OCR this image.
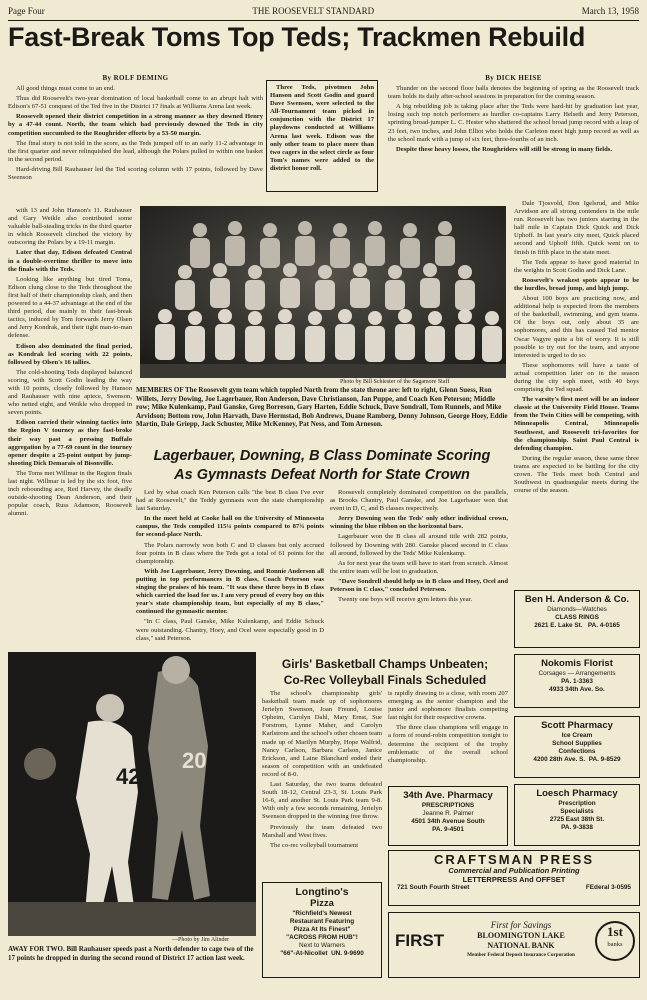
Page Four	THE ROOSEVELT STANDARD	March 13, 1958
Fast-Break Toms Top Teds; Trackmen Rebuild
By ROLF DEMING

All good things must come to an end.

Thus did Roosevelt's two-year domination of local basketball come to an abrupt halt with Edison's 67-51 conquest of the Ted five in the District 17 finals at Williams Arena last week.

Roosevelt opened their district competition in a strong manner as they downed Henry by a 47-44 count. North, the team which had previously downed the Teds in city competition succumbed to the Roughrider efforts by a 53-50 margin.

The final story is not told in the score, as the Teds jumped off to an early 11-2 advantage in the first quarter and never relinquished the lead, although the Polars pulled to within one basket in the second period.

Hard-driving Bill Rauhauser led the Ted scoring column with 17 points, followed by Dave Swenson

Three Teds, pivotmen John Hanson and Scott Godin and guard Dave Swenson, were selected to the All-Tournament team picked in conjunction with the District 17 playdowns conducted at Williams Arena last week. Edison was the only other team to place more than two cagers in the select circle as four Tom's names were added to the district honor roll.

By DICK HEISE

Thunder on the second floor halls denotes the beginning of spring as the Roosevelt track team holds its daily after-school sessions in preparation for the coming season.

A big rebuilding job is taking place after the Teds were hard-hit by graduation last year, losing such top notch performers as hurdler co-captains Larry Helseth and Jerry Peterson, sprinting broad-jumper L. C. Hester who shattered the school broad jump record with a leap of 23 feet, two inches, and John Elliot who holds the Carleton meet high jump record as well as the school mark with a jump of six feet, three-fourths of an inch.

Despite these heavy losses, the Roughriders will still be strong in many fields.

with 13 and John Hanson's 11. Rauhauser and Gary Weikle also contributed some valuable ball-stealing tricks in the third quarter in which Roosevelt clinched the victory by outscoring the Polars by a 19-11 margin.

Later that day, Edison defeated Central in a double-overtime thriller to move into the finals with the Teds.

Looking like anything but tired Toms, Edison clung close to the Teds throughout the first half of their championship clash, and then powered to a 44-37 advantage at the end of the third period, due mainly to their fast-break tactics, induced by Tom forwards Jerry Olsen and Jerry Kondrak, and their tight man-to-man defense.

Edison also dominated the final period, as Kondrak led scoring with 22 points, followed by Olsen's 16 tallies.

The cold-shooting Teds displayed balanced scoring, with Scott Godin leading the way with 10 points, closely followed by Hanson and Rauhauser with nine apiece, Swenson, who netted eight, and Weikle who dropped in seven points.

Edison carried their winning tactics into the Region V tourney as they fast-broke their way past a pressing Buffalo aggregation by a 77-69 count in the tourney opener despite a 25-point output by jump-shooting Dick Demarais of Bisonville.

The Toms met Willmar in the Region finals last night. Willmar is led by the six foot, five inch rebounding ace, Red Harvey, the deadly outside-shooting Dean Anderson, and their popular coach, Russ Adamson, Roosevelt alumni.

Photo by Bill Schiester of the Sagamore Staff

Dale Tjosvold, Don Igelsrud, and Mike Arvidson are all strong contenders in the mile run. Roosevelt has two juniors starring in the half mile in Captain Dick Quick and Dick Uphoff. In last year's city meet, Quick placed second and Uphoff fifth. Quick went on to finish in fifth place in the state meet.

The Teds appear to have good material in the weights in Scott Godin and Dick Lane.

Roosevelt's weakest spots appear to be the hurdles, broad jump, and high jump.

About 100 boys are practicing now, and additional help is expected from the members of the basketball, swimming, and gym teams. Of the boys out, only about 35 are sophomores, and this has caused Ted mentor Oscar Vagyre quite a bit of worry. It is still possible to try out for the team, and anyone interested is urged to do so.

These sophomores will have a taste of actual competition later on in the season during the city soph meet, with 40 boys comprising the Ted squad.

The varsity's first meet will be an indoor classic at the University Field House. Teams from the Twin Cities will be competing, with Minneapolis Central, Minneapolis Southwest, and Roosevelt tri-favorites for the championship. Saint Paul Central is defending champion.

During the regular season, these same three teams are expected to be battling for the city crown. The Teds meet both Central and Southwest in quadrangular meets during the course of the season.

MEMBERS OF The Roosevelt gym team which toppled North from the state throne are: left to right, Glenn Suess, Ron Willets, Jerry Dowing, Joe Lagerbauer, Ron Anderson, Dave Christianson, Jan Puppe, and Coach Ken Peterson; Middle row; Mike Kulenkamp, Paul Ganske, Greg Borreson, Gary Harten, Eddie Schuck, Dave Sondrall, Tom Runnels, and Mike Arvidson; Bottom row, John Harvath, Dave Hermstad, Bob Andrews, Duane Ramberg, Denny Johnson, George Hoey, Eddie Martin, Dale Griepp, Jack Schuster, Mike McKenney, Pat Ness, and Tom Arneson.
Lagerbauer, Downing, B Class Dominate Scoring
As Gymnasts Defeat North for State Crown

Led by what coach Ken Peterson calls "the best B class I've ever had at Roosevelt," the Teddy gymnasts won the state championship last Saturday.

In the meet held at Cooke hall on the University of Minnesota campus, the Teds compiled 115¼ points compared to 87¾ points for second-place North.

The Polars narrowly won both C and D classes but only accrued four points in B class where the Teds got a total of 61 points for the championship.

With Joe Lagerbauer, Jerry Downing, and Ronnie Anderson all putting in top performances in B class, Coach Peterson was singing the praises of his team. "It was these three boys in B class which carried the load for us. I am very proud of every boy on this year's state championship team, but especially of my B class," continued the gymnastic mentor.

"In C class, Paul Ganske, Mike Kulenkamp, and Eddie Schuck were outstanding. Chantry, Hoey, and Ocel were especially good in D class," said Peterson.

Roosevelt completely dominated competition on the parallels, as Brooks Chantry, Paul Ganske, and Joe Lagerbauer won that event in D, C, and B classes respectively.

Jerry Downing won the Teds' only other individual crown, winning the blue ribbon on the horizontal bars.

Lagerbauer won the B class all around title with 282 points, followed by Downing with 280. Ganske placed second in C class all around, followed by the Teds' Mike Kulenkamp.

As for next year the team will have to start from scratch. Almost the entire team will be lost to graduation.

"Dave Sondrell should help us in B class and Hoey, Ocel and Peterson in C class," concluded Peterson.

Twenty one boys will receive gym letters this year.

42
20
—Photo by Jim Alinder
AWAY FOR TWO. Bill Rauhauser speeds past a North defender to cage two of the 17 points he dropped in during the second round of District 17 action last week.
Girls' Basketball Champs Unbeaten;
Co-Rec Volleyball Finals Scheduled

The school's championship girls' basketball team made up of sophomores Jerielyn Swenson, Joan Freund, Louise Opheim, Carolyn Dahl, Mary Ernst, Sue Forstrom, Lynne Maher, and Carolyn Karlstrom and the school's other chosen team made up of Marilyn Murphy, Hope Walfrid, Nancy Carlson, Barbara Carlson, Janice Erickson, and Laine Blanchard ended their season of competition with an undefeated record of 8-0.

Last Saturday, the two teams defeated South 18-12, Central 23-3, St. Louis Park 16-6, and another St. Louis Park team 9-8. With only a few seconds remaining, Jerielyn Swenson dropped in the winning free throw.

Previously the team defeated two Marshall and West fives.

The co-rec volleyball tournament

is rapidly drawing to a close, with room 207 emerging as the senior champion and the junior and sophomore finalists competing last night for their respective crowns.

The three class champions will engage in a form of round-robin competition tonight to determine the recipient of the trophy emblematic of the overall school championship.

Ben H. Anderson & Co.
Diamonds—Watches
CLASS RINGS
2621 E. Lake St. PA. 4-0165
Nokomis Florist
Corsages — Arrangements
PA. 1-3363
4933 34th Ave. So.
Scott Pharmacy
Ice Cream
School Supplies
Confections
4200 28th Ave. S. PA. 9-8529
34th Ave. Pharmacy
PRESCRIPTIONS
Jeanne R. Palmer
4501 34th Avenue South
PA. 9-4501
Loesch Pharmacy
Prescription
Specialists
2725 East 38th St.
PA. 9-3838
CRAFTSMAN PRESS
Commercial and Publication Printing
LETTERPRESS And OFFSET
721 South Fourth Street	FEderal 3-0595
Longtino's
Pizza
"Richfield's Newest
Restaurant Featuring
Pizza At Its Finest"
"ACROSS FROM HUB"!
Next to Warners
"66"-At-Nicollet UN. 9-9690
FIRST
First for Savings
BLOOMINGTON LAKE
NATIONAL BANK
Member Federal Deposit Insurance Corporation
1st
banks
